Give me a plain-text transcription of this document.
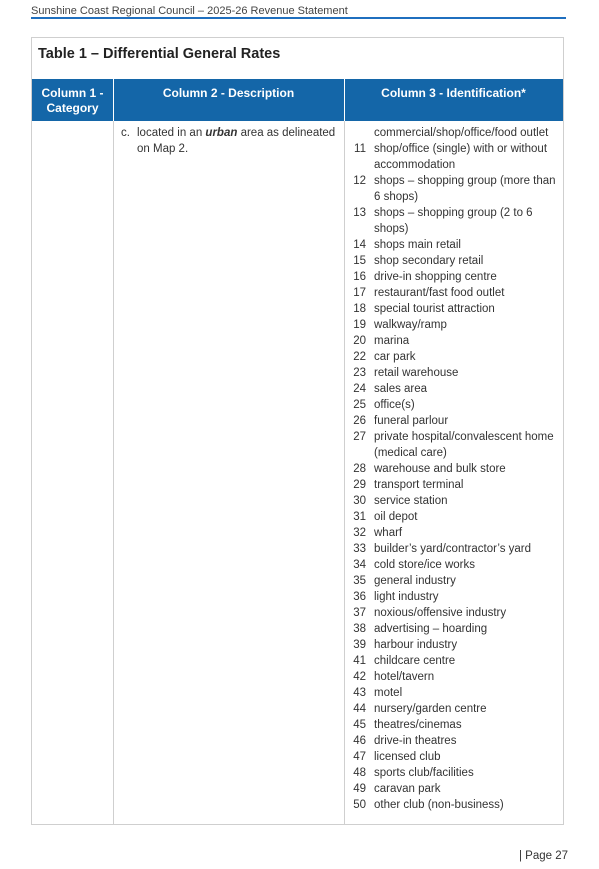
Sunshine Coast Regional Council – 2025-26 Revenue Statement
Table 1 – Differential General Rates
Column 1 - Category
Column 2 - Description	Column 3 - Identification*
c. located in an urban area as delineated on Map 2.
commercial/shop/office/food outlet
11 shop/office (single) with or without accommodation
12 shops – shopping group (more than 6 shops)
13 shops – shopping group (2 to 6 shops)
14 shops main retail
15 shop secondary retail
16 drive-in shopping centre
17 restaurant/fast food outlet
18 special tourist attraction
19 walkway/ramp
20 marina
22 car park
23 retail warehouse
24 sales area
25 office(s)
26 funeral parlour
27 private hospital/convalescent home (medical care)
28 warehouse and bulk store
29 transport terminal
30 service station
31 oil depot
32 wharf
33 builder’s yard/contractor’s yard
34 cold store/ice works
35 general industry
36 light industry
37 noxious/offensive industry
38 advertising – hoarding
39 harbour industry
41 childcare centre
42 hotel/tavern
43 motel
44 nursery/garden centre
45 theatres/cinemas
46 drive-in theatres
47 licensed club
48 sports club/facilities
49 caravan park
50 other club (non-business)
| Page 27
